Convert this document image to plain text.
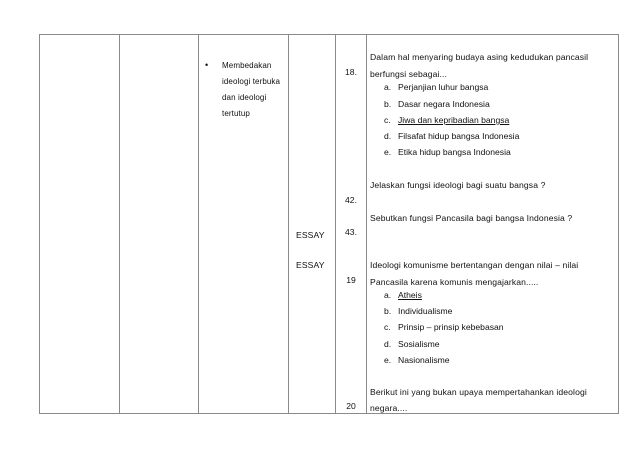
• Membedakan
ideologi terbuka
dan ideologi
tertutup
ESSAY
ESSAY
18.
42.
43.
19
20
Dalam hal menyaring budaya asing kedudukan pancasil
berfungsi sebagai...
a. Perjanjian luhur bangsa
b. Dasar negara Indonesia
c. Jiwa dan kepribadian bangsa
d. Filsafat hidup bangsa Indonesia
e. Etika hidup bangsa Indonesia
Jelaskan fungsi ideologi bagi suatu bangsa ?
Sebutkan fungsi Pancasila bagi bangsa Indonesia ?
Ideologi komunisme bertentangan dengan nilai – nilai
Pancasila karena komunis mengajarkan.....
a. Atheis
b. Individualisme
c. Prinsip – prinsip kebebasan
d. Sosialisme
e. Nasionalisme
Berikut ini yang bukan upaya mempertahankan ideologi
negara....
